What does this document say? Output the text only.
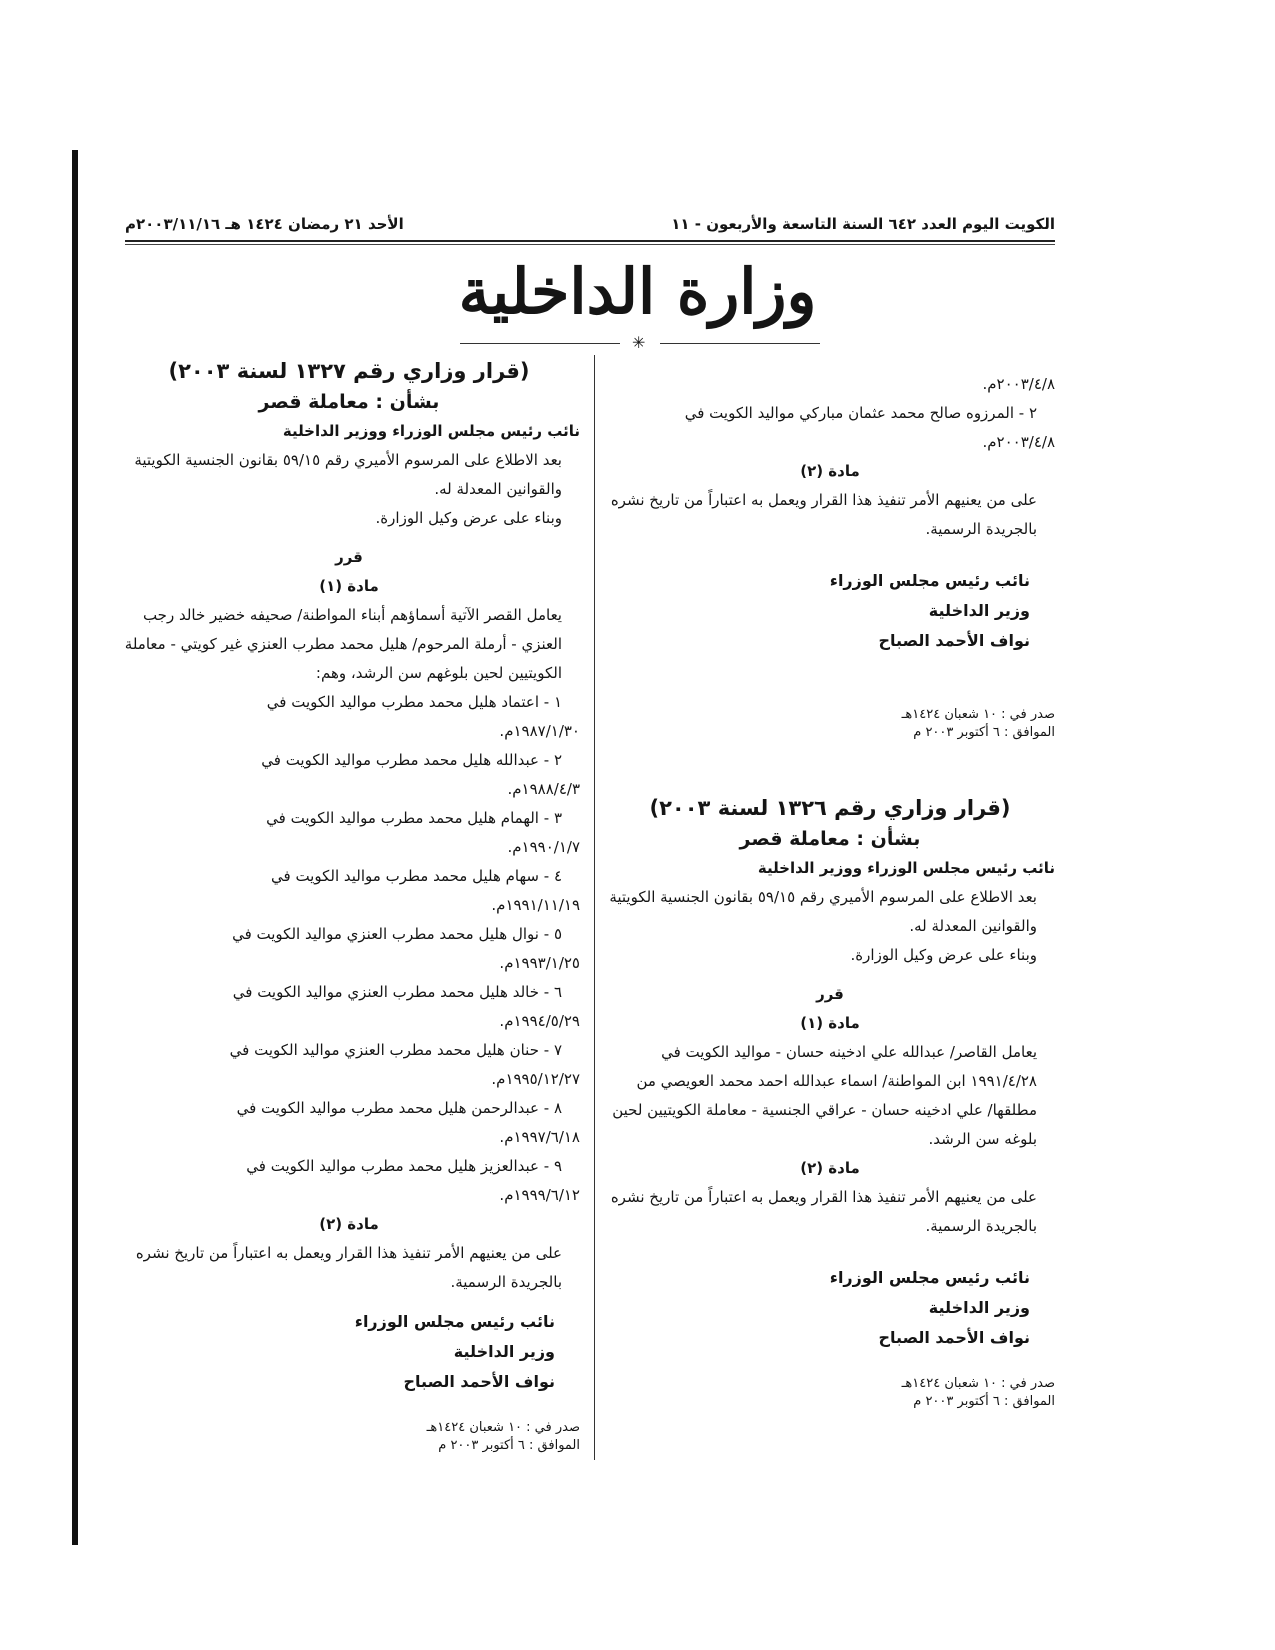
الكويت اليوم العدد ٦٤٢ السنة التاسعة والأربعون - ١١
الأحد ٢١ رمضان ١٤٢٤ هـ ٢٠٠٣/١١/١٦م
وزارة الداخلية
✳

٢٠٠٣/٤/٨م.

٢ - المرزوه صالح محمد عثمان مباركي مواليد الكويت في

٢٠٠٣/٤/٨م.

مادة (٢)

على من يعنيهم الأمر تنفيذ هذا القرار ويعمل به اعتباراً من تاريخ نشره بالجريدة الرسمية.

نائب رئيس مجلس الوزراء

وزير الداخلية

نواف الأحمد الصباح

صدر في : ١٠ شعبان ١٤٢٤هـ

الموافق : ٦ أكتوبر ٢٠٠٣ م

(قرار وزاري رقم ١٣٢٦ لسنة ٢٠٠٣)

بشأن : معاملة قصر

نائب رئيس مجلس الوزراء ووزير الداخلية

بعد الاطلاع على المرسوم الأميري رقم ٥٩/١٥ بقانون الجنسية الكويتية والقوانين المعدلة له.

وبناء على عرض وكيل الوزارة.

قرر

مادة (١)

يعامل القاصر/ عبدالله علي ادخينه حسان - مواليد الكويت في ١٩٩١/٤/٢٨ ابن المواطنة/ اسماء عبدالله احمد محمد العويصي من مطلقها/ علي ادخينه حسان - عراقي الجنسية - معاملة الكويتيين لحين بلوغه سن الرشد.

مادة (٢)

على من يعنيهم الأمر تنفيذ هذا القرار ويعمل به اعتباراً من تاريخ نشره بالجريدة الرسمية.

نائب رئيس مجلس الوزراء

وزير الداخلية

نواف الأحمد الصباح

صدر في : ١٠ شعبان ١٤٢٤هـ

الموافق : ٦ أكتوبر ٢٠٠٣ م

(قرار وزاري رقم ١٣٢٧ لسنة ٢٠٠٣)

بشأن : معاملة قصر

نائب رئيس مجلس الوزراء ووزير الداخلية

بعد الاطلاع على المرسوم الأميري رقم ٥٩/١٥ بقانون الجنسية الكويتية والقوانين المعدلة له.

وبناء على عرض وكيل الوزارة.

قرر

مادة (١)

يعامل القصر الآتية أسماؤهم أبناء المواطنة/ صحيفه خضير خالد رجب العنزي - أرملة المرحوم/ هليل محمد مطرب العنزي غير كويتي - معاملة الكويتيين لحين بلوغهم سن الرشد، وهم:

١ - اعتماد هليل محمد مطرب مواليد الكويت في

١٩٨٧/١/٣٠م.

٢ - عبدالله هليل محمد مطرب مواليد الكويت في

١٩٨٨/٤/٣م.

٣ - الهمام هليل محمد مطرب مواليد الكويت في

١٩٩٠/١/٧م.

٤ - سهام هليل محمد مطرب مواليد الكويت في

١٩٩١/١١/١٩م.

٥ - نوال هليل محمد مطرب العنزي مواليد الكويت في

١٩٩٣/١/٢٥م.

٦ - خالد هليل محمد مطرب العنزي مواليد الكويت في

١٩٩٤/٥/٢٩م.

٧ - حنان هليل محمد مطرب العنزي مواليد الكويت في

١٩٩٥/١٢/٢٧م.

٨ - عبدالرحمن هليل محمد مطرب مواليد الكويت في

١٩٩٧/٦/١٨م.

٩ - عبدالعزيز هليل محمد مطرب مواليد الكويت في

١٩٩٩/٦/١٢م.

مادة (٢)

على من يعنيهم الأمر تنفيذ هذا القرار ويعمل به اعتباراً من تاريخ نشره بالجريدة الرسمية.

نائب رئيس مجلس الوزراء

وزير الداخلية

نواف الأحمد الصباح

صدر في : ١٠ شعبان ١٤٢٤هـ

الموافق : ٦ أكتوبر ٢٠٠٣ م
